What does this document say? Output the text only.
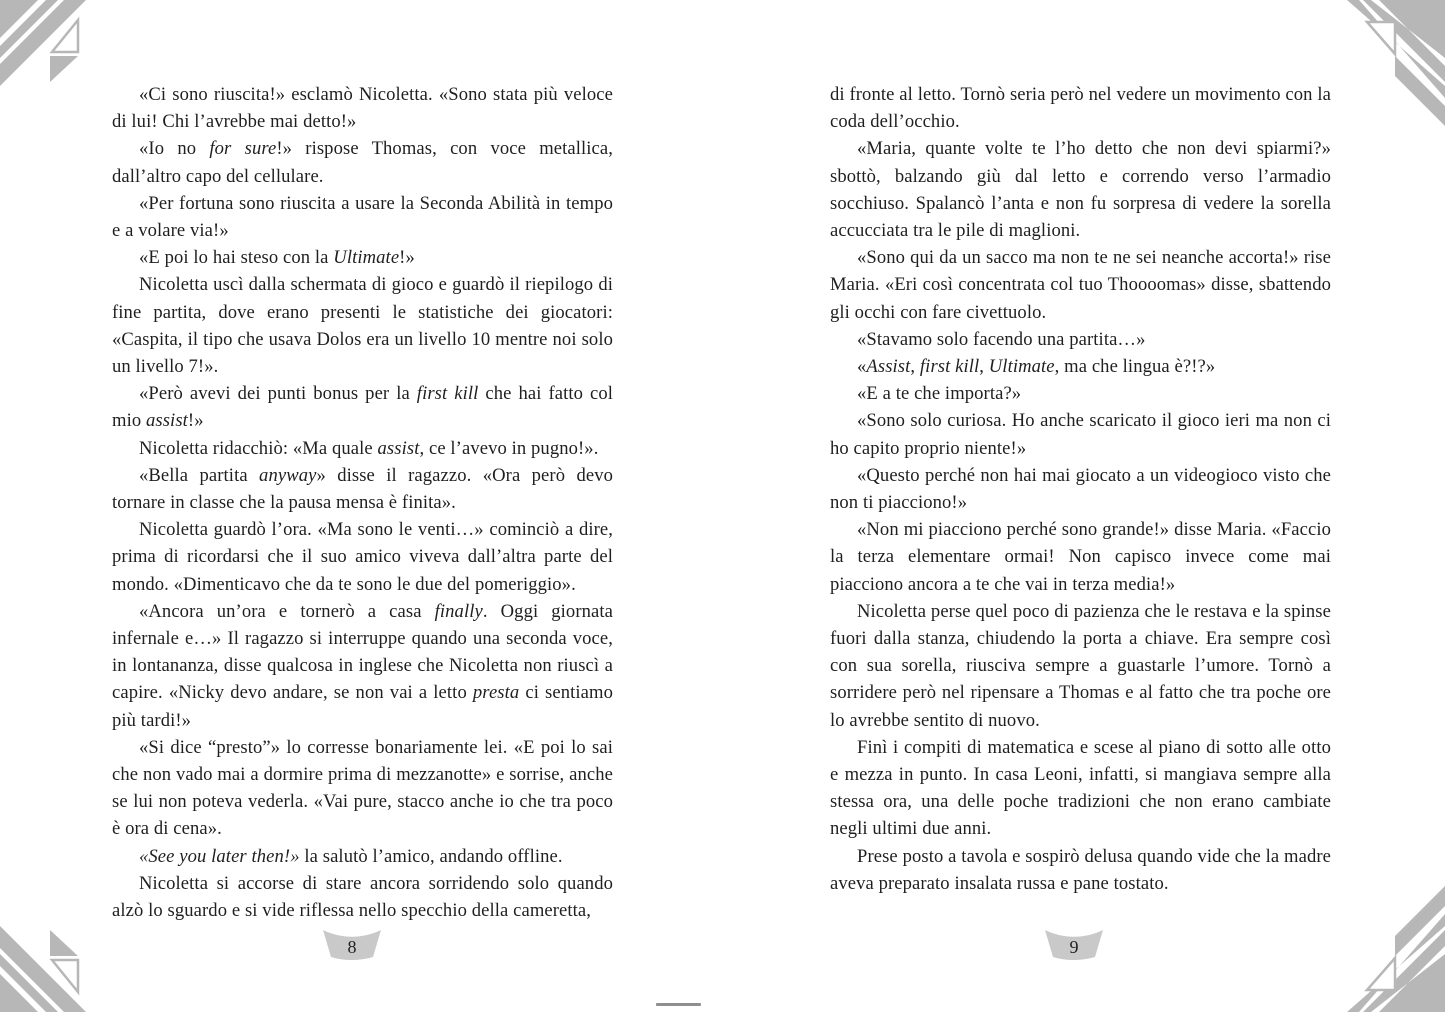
«Ci sono riuscita!» esclamò Nicoletta. «Sono stata più veloce di lui! Chi l’avrebbe mai detto!»

«Io no for sure!» rispose Thomas, con voce metallica, dall’altro capo del cellulare.

«Per fortuna sono riuscita a usare la Seconda Abilità in tempo e a volare via!»

«E poi lo hai steso con la Ultimate!»

Nicoletta uscì dalla schermata di gioco e guardò il riepilogo di fine partita, dove erano presenti le statistiche dei giocatori: «Caspita, il tipo che usava Dolos era un livello 10 mentre noi solo un livello 7!».

«Però avevi dei punti bonus per la first kill che hai fatto col mio assist!»

Nicoletta ridacchiò: «Ma quale assist, ce l’avevo in pugno!».

«Bella partita anyway» disse il ragazzo. «Ora però devo tornare in classe che la pausa mensa è finita».

Nicoletta guardò l’ora. «Ma sono le venti…» cominciò a dire, prima di ricordarsi che il suo amico viveva dall’altra parte del mondo. «Dimenticavo che da te sono le due del pomeriggio».

«Ancora un’ora e tornerò a casa finally. Oggi giornata infernale e…» Il ragazzo si interruppe quando una seconda voce, in lontananza, disse qualcosa in inglese che Nicoletta non riuscì a capire. «Nicky devo andare, se non vai a letto presta ci sentiamo più tardi!»

«Si dice “presto”» lo corresse bonariamente lei. «E poi lo sai che non vado mai a dormire prima di mezzanotte» e sorrise, anche se lui non poteva vederla. «Vai pure, stacco anche io che tra poco è ora di cena».

«See you later then!» la salutò l’amico, andando offline.

Nicoletta si accorse di stare ancora sorridendo solo quando alzò lo sguardo e si vide riflessa nello specchio della cameretta,

8

di fronte al letto. Tornò seria però nel vedere un movimento con la coda dell’occhio.

«Maria, quante volte te l’ho detto che non devi spiarmi?» sbottò, balzando giù dal letto e correndo verso l’armadio socchiuso. Spalancò l’anta e non fu sorpresa di vedere la sorella accucciata tra le pile di maglioni.

«Sono qui da un sacco ma non te ne sei neanche accorta!» rise Maria. «Eri così concentrata col tuo Thoooomas» disse, sbattendo gli occhi con fare civettuolo.

«Stavamo solo facendo una partita…»

«Assist, first kill, Ultimate, ma che lingua è?!?»

«E a te che importa?»

«Sono solo curiosa. Ho anche scaricato il gioco ieri ma non ci ho capito proprio niente!»

«Questo perché non hai mai giocato a un videogioco visto che non ti piacciono!»

«Non mi piacciono perché sono grande!» disse Maria. «Faccio la terza elementare ormai! Non capisco invece come mai piacciono ancora a te che vai in terza media!»

Nicoletta perse quel poco di pazienza che le restava e la spinse fuori dalla stanza, chiudendo la porta a chiave. Era sempre così con sua sorella, riusciva sempre a guastarle l’umore. Tornò a sorridere però nel ripensare a Thomas e al fatto che tra poche ore lo avrebbe sentito di nuovo.

Finì i compiti di matematica e scese al piano di sotto alle otto e mezza in punto. In casa Leoni, infatti, si mangiava sempre alla stessa ora, una delle poche tradizioni che non erano cambiate negli ultimi due anni.

Prese posto a tavola e sospirò delusa quando vide che la madre aveva preparato insalata russa e pane tostato.

9
